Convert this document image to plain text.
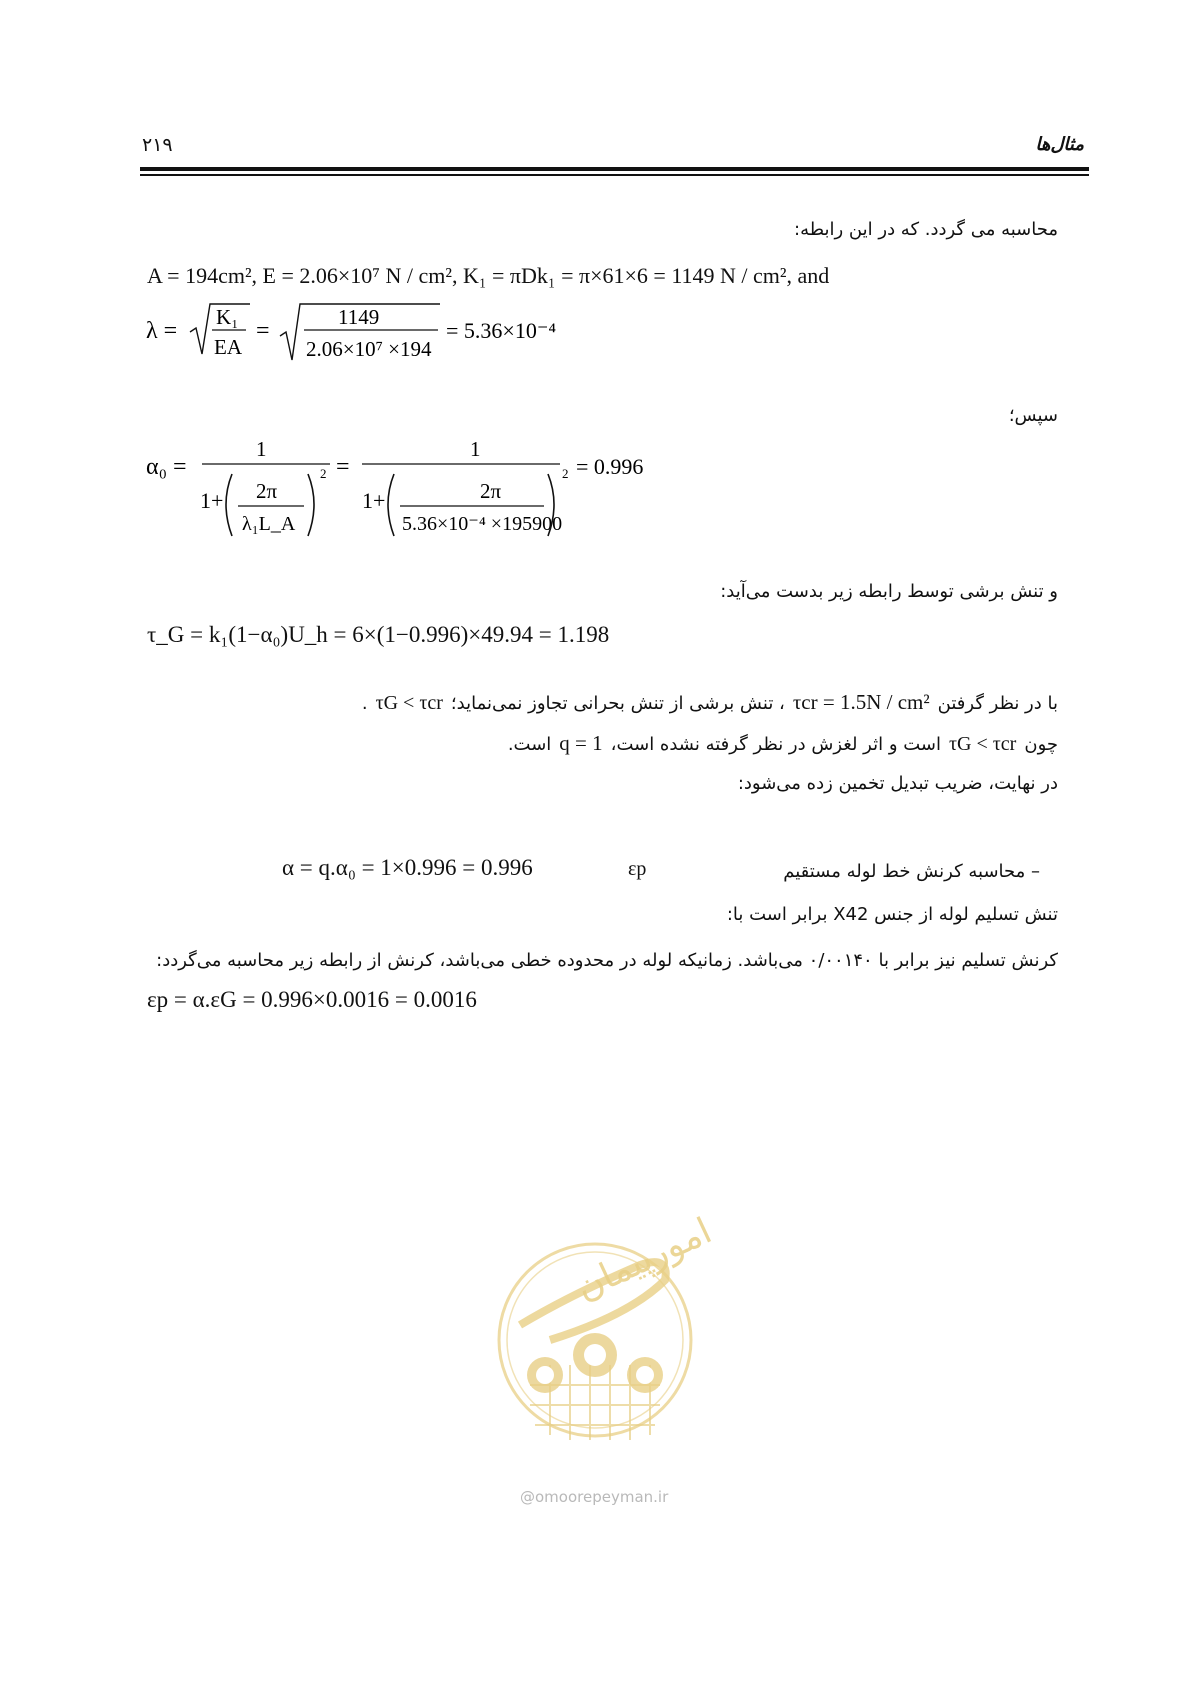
۲۱۹	مثال‌ها
محاسبه می گردد. که در این رابطه:
A = 194cm², E = 2.06×10⁷ N / cm², K₁ = πDk₁ = π×61×6 = 1149 N / cm², and
λ =
K₁
EA
=
1149
2.06×10⁷ ×194
= 5.36×10⁻⁴
سپس؛
α₀ =
1
1+ 2π
λ₁L_A
2 =
1
1+	2π
5.36×10⁻⁴ ×195900
2 = 0.996
و تنش برشی توسط رابطه زیر بدست می‌آید:
τ_G = k₁(1−α₀)U_h = 6×(1−0.996)×49.94 = 1.198
با در نظر گرفتن
τcr = 1.5N / cm²
، تنش برشی از تنش بحرانی تجاوز نمی‌نماید؛
τG < τcr
.
چون
τG < τcr
است و اثر لغزش در نظر گرفته نشده است،
q = 1
است.
در نهایت، ضریب تبدیل تخمین زده می‌شود:
α = q.α₀ = 1×0.996 = 0.996	εp	– محاسبه کرنش خط لوله مستقیم
تنش تسلیم لوله از جنس X42 برابر است با:
کرنش تسلیم نیز برابر با ۰/۰۰۱۴۰ می‌باشد. زمانیکه لوله در محدوده خطی می‌باشد، کرنش از رابطه زیر محاسبه می‌گردد:
εp = α.εG = 0.996×0.0016 = 0.0016
امورپیمان
@omoorepeyman.ir
